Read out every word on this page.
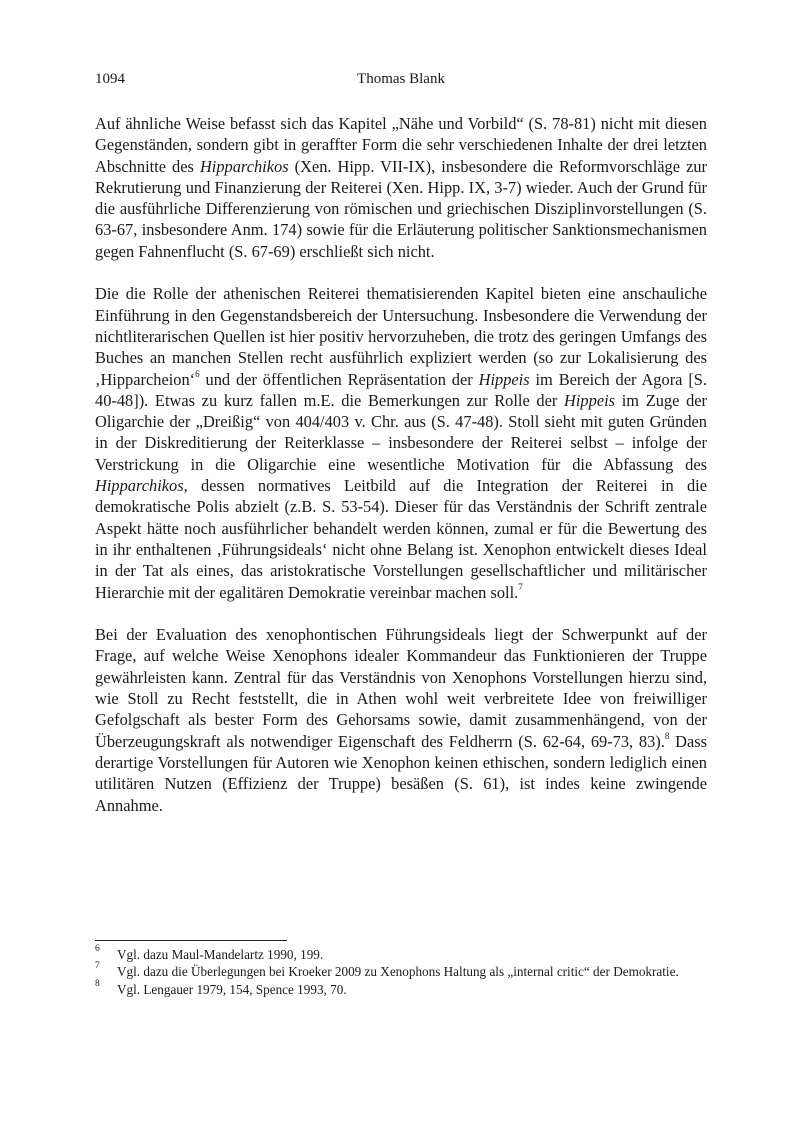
1094	Thomas Blank

Auf ähnliche Weise befasst sich das Kapitel „Nähe und Vorbild“ (S. 78-81) nicht mit diesen Gegenständen, sondern gibt in geraffter Form die sehr verschiedenen Inhalte der drei letzten Abschnitte des Hipparchikos (Xen. Hipp. VII-IX), insbesondere die Reformvorschläge zur Rekrutierung und Finanzierung der Reiterei (Xen. Hipp. IX, 3-7) wieder. Auch der Grund für die ausführliche Differenzierung von römischen und griechischen Disziplinvorstellungen (S. 63-67, insbesondere Anm. 174) sowie für die Erläuterung politischer Sanktionsmechanismen gegen Fahnenflucht (S. 67-69) erschließt sich nicht.

Die die Rolle der athenischen Reiterei thematisierenden Kapitel bieten eine anschauliche Einführung in den Gegenstandsbereich der Untersuchung. Insbesondere die Verwendung der nichtliterarischen Quellen ist hier positiv hervorzuheben, die trotz des geringen Umfangs des Buches an manchen Stellen recht ausführlich expliziert werden (so zur Lokalisierung des ‚Hipparcheion‘$^6$ und der öffentlichen Repräsentation der Hippeis im Bereich der Agora [S. 40-48]). Etwas zu kurz fallen m.E. die Bemerkungen zur Rolle der Hippeis im Zuge der Oligarchie der „Dreißig“ von 404/403 v. Chr. aus (S. 47-48). Stoll sieht mit guten Gründen in der Diskreditierung der Reiterklasse – insbesondere der Reiterei selbst – infolge der Verstrickung in die Oligarchie eine wesentliche Motivation für die Abfassung des Hipparchikos, dessen normatives Leitbild auf die Integration der Reiterei in die demokratische Polis abzielt (z.B. S. 53-54). Dieser für das Verständnis der Schrift zentrale Aspekt hätte noch ausführlicher behandelt werden können, zumal er für die Bewertung des in ihr enthaltenen ‚Führungsideals‘ nicht ohne Belang ist. Xenophon entwickelt dieses Ideal in der Tat als eines, das aristokratische Vorstellungen gesellschaftlicher und militärischer Hierarchie mit der egalitären Demokratie vereinbar machen soll.$^7$

Bei der Evaluation des xenophontischen Führungsideals liegt der Schwerpunkt auf der Frage, auf welche Weise Xenophons idealer Kommandeur das Funktionieren der Truppe gewährleisten kann. Zentral für das Verständnis von Xenophons Vorstellungen hierzu sind, wie Stoll zu Recht feststellt, die in Athen wohl weit verbreitete Idee von freiwilliger Gefolgschaft als bester Form des Gehorsams sowie, damit zusammenhängend, von der Überzeugungskraft als notwendiger Eigenschaft des Feldherrn (S. 62-64, 69-73, 83).$^8$ Dass derartige Vorstellungen für Autoren wie Xenophon keinen ethischen, sondern lediglich einen utilitären Nutzen (Effizienz der Truppe) besäßen (S. 61), ist indes keine zwingende Annahme.

6 Vgl. dazu Maul-Mandelartz 1990, 199.
7 Vgl. dazu die Überlegungen bei Kroeker 2009 zu Xenophons Haltung als „internal critic“ der Demokratie.
8 Vgl. Lengauer 1979, 154, Spence 1993, 70.
